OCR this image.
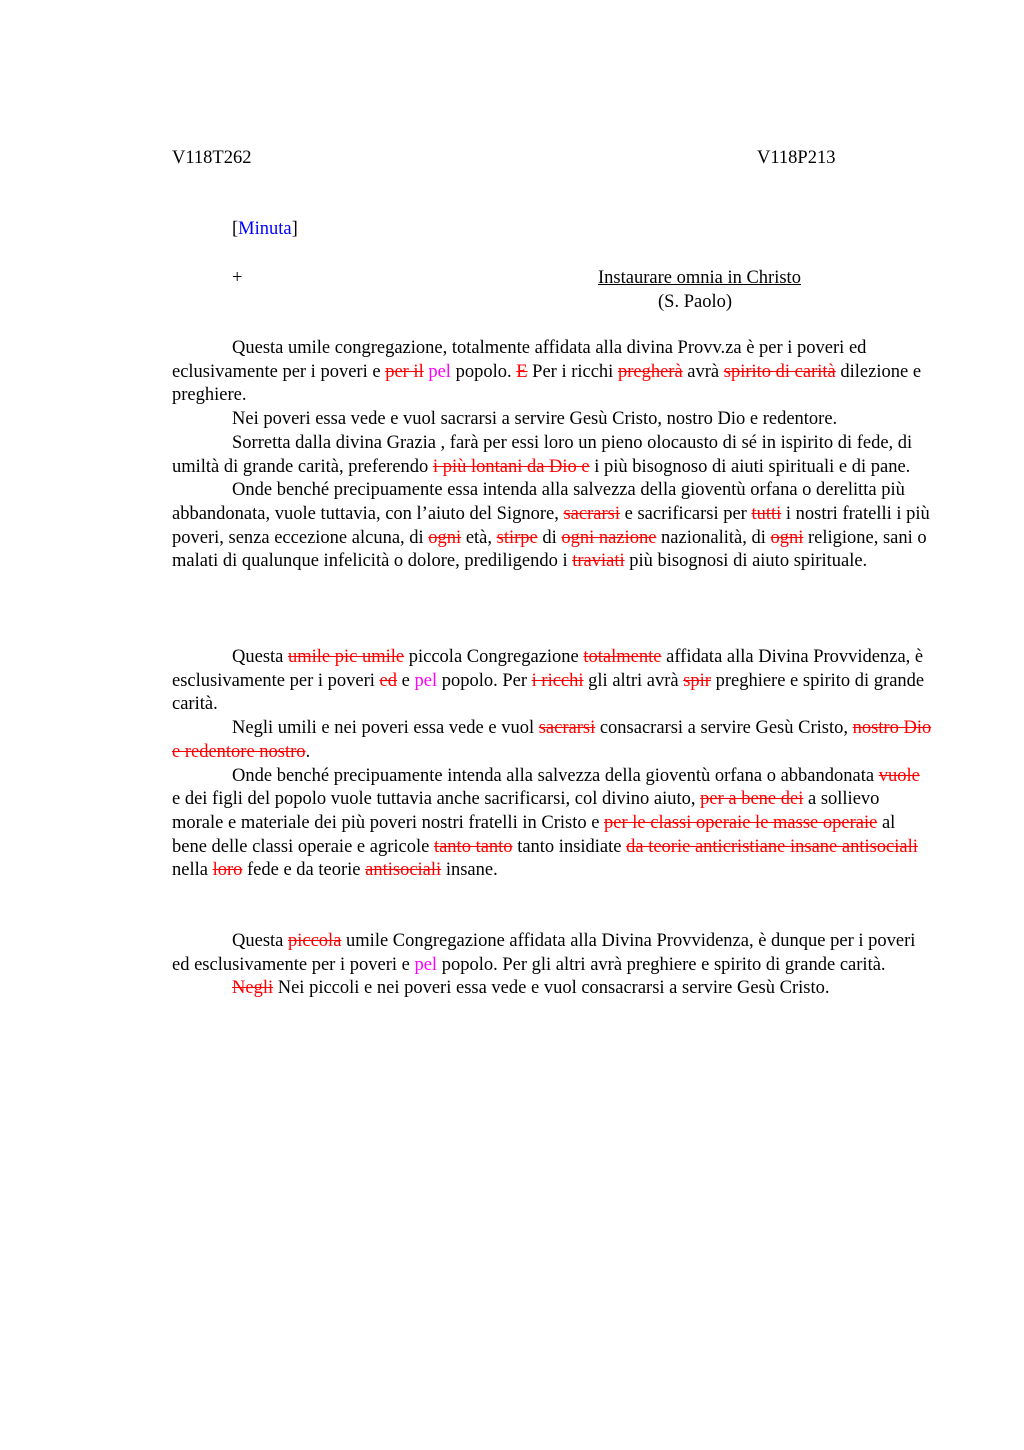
V118T262	V118P213
[Minuta]
+	Instaurare omnia in Christo
(S. Paolo)

Questa umile congregazione, totalmente affidata alla divina Provv.za è per i poveri ed eclusivamente per i poveri e per il pel popolo. E Per i ricchi pregherà avrà spirito di carità dilezione e preghiere.

Nei poveri essa vede e vuol sacrarsi a servire Gesù Cristo, nostro Dio e redentore.

Sorretta dalla divina Grazia , farà per essi loro un pieno olocausto di sé in ispirito di fede, di umiltà di grande carità, preferendo i più lontani da Dio e i più bisognoso di aiuti spirituali e di pane.

Onde benché precipuamente essa intenda alla salvezza della gioventù orfana o derelitta più abbandonata, vuole tuttavia, con l’aiuto del Signore, sacrarsi e sacrificarsi per tutti i nostri fratelli i più poveri, senza eccezione alcuna, di ogni età, stirpe di ogni nazione nazionalità, di ogni religione, sani o malati di qualunque infelicità o dolore, prediligendo i traviati più bisognosi di aiuto spirituale.

Questa umile pic umile piccola Congregazione totalmente affidata alla Divina Provvidenza, è esclusivamente per i poveri ed e pel popolo. Per i ricchi gli altri avrà spir preghiere e spirito di grande carità.

Negli umili e nei poveri essa vede e vuol sacrarsi consacrarsi a servire Gesù Cristo, nostro Dio e redentore nostro.

Onde benché precipuamente intenda alla salvezza della gioventù orfana o abbandonata vuole e dei figli del popolo vuole tuttavia anche sacrificarsi, col divino aiuto, per a bene dei a sollievo morale e materiale dei più poveri nostri fratelli in Cristo e per le classi operaie le masse operaie al bene delle classi operaie e agricole tanto tanto tanto insidiate da teorie anticristiane insane antisociali nella loro fede e da teorie antisociali insane.

Questa piccola umile Congregazione affidata alla Divina Provvidenza, è dunque per i poveri ed esclusivamente per i poveri e pel popolo. Per gli altri avrà preghiere e spirito di grande carità.

Negli Nei piccoli e nei poveri essa vede e vuol consacrarsi a servire Gesù Cristo.
